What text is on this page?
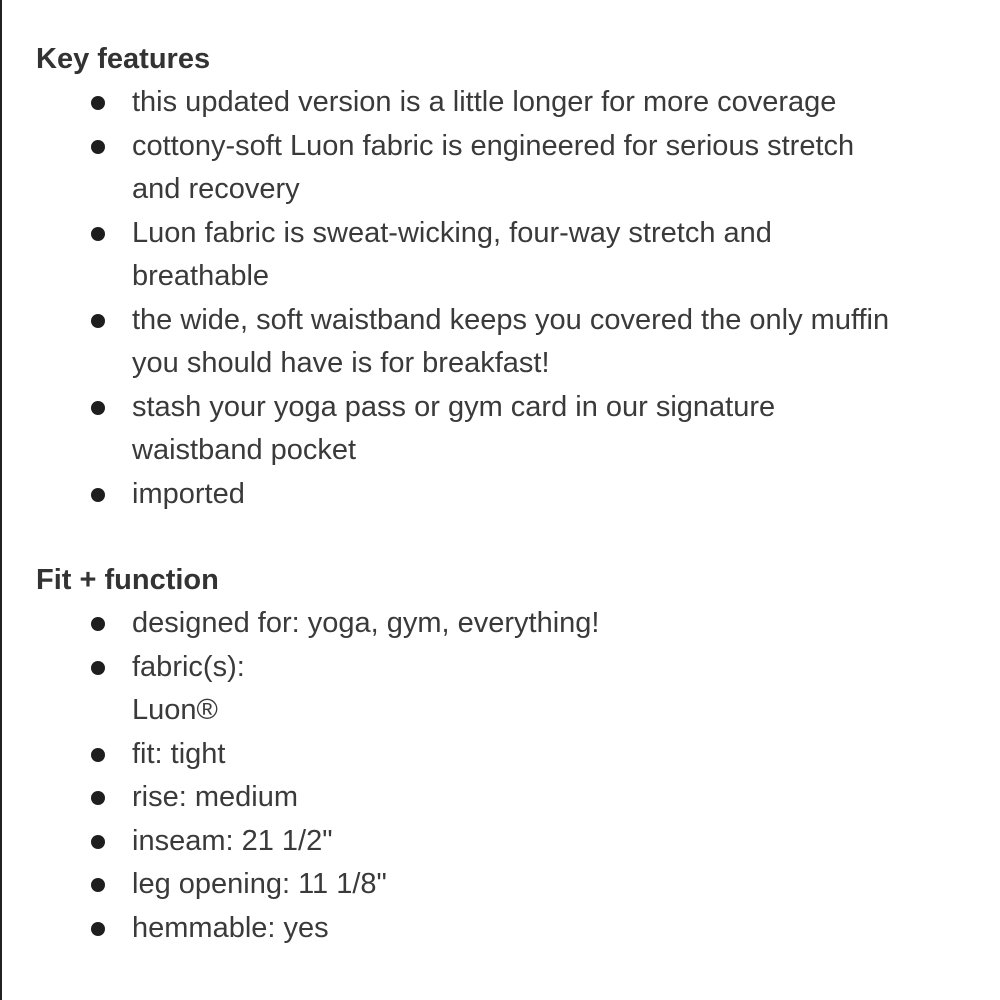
Key features
this updated version is a little longer for more coverage
cottony-soft Luon fabric is engineered for serious stretch
and recovery
Luon fabric is sweat-wicking, four-way stretch and
breathable
the wide, soft waistband keeps you covered the only muffin
you should have is for breakfast!
stash your yoga pass or gym card in our signature
waistband pocket
imported
Fit + function
designed for: yoga, gym, everything!
fabric(s):
Luon®
fit: tight
rise: medium
inseam: 21 1/2"
leg opening: 11 1/8"
hemmable: yes
